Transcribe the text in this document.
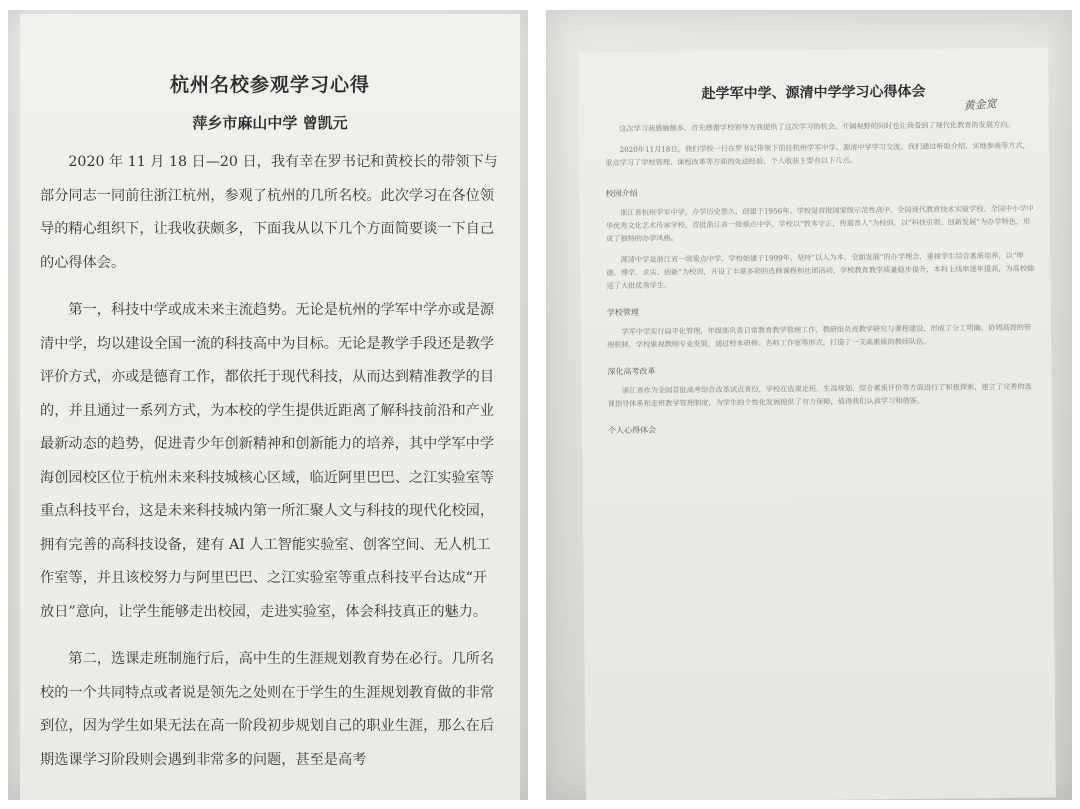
杭州名校参观学习心得
萍乡市麻山中学 曾凯元

2020 年 11 月 18 日—20 日，我有幸在罗书记和黄校长的带领下与部分同志一同前往浙江杭州，参观了杭州的几所名校。此次学习在各位领导的精心组织下，让我收获颇多，下面我从以下几个方面简要谈一下自己的心得体会。

第一，科技中学或成未来主流趋势。无论是杭州的学军中学亦或是源清中学，均以建设全国一流的科技高中为目标。无论是教学手段还是教学评价方式，亦或是德育工作，都依托于现代科技，从而达到精准教学的目的，并且通过一系列方式，为本校的学生提供近距离了解科技前沿和产业最新动态的趋势，促进青少年创新精神和创新能力的培养，其中学军中学海创园校区位于杭州未来科技城核心区域，临近阿里巴巴、之江实验室等重点科技平台，这是未来科技城内第一所汇聚人文与科技的现代化校园，拥有完善的高科技设备，建有 AI 人工智能实验室、创客空间、无人机工作室等，并且该校努力与阿里巴巴、之江实验室等重点科技平台达成“开放日”意向，让学生能够走出校园，走进实验室，体会科技真正的魅力。

第二，选课走班制施行后，高中生的生涯规划教育势在必行。几所名校的一个共同特点或者说是领先之处则在于学生的生涯规划教育做的非常到位，因为学生如果无法在高一阶段初步规划自己的职业生涯，那么在后期选课学习阶段则会遇到非常多的问题，甚至是高考

赴学军中学、源清中学学习心得体会
黄金宽

这次学习我感触颇多。首先感谢学校领导为我提供了这次学习的机会，开阔视野的同时也让我看到了现代化教育的发展方向。

2020年11月18日，我们学校一行在罗书记带领下前往杭州学军中学、源清中学学习交流。我们通过听取介绍、实地参观等方式，重点学习了学校管理、课程改革等方面的先进经验，个人收获主要有以下几点。

校园介绍

浙江省杭州学军中学，办学历史悠久，创建于1956年。学校是首批国家级示范性高中、全国现代教育技术实验学校、全国中小学中华优秀文化艺术传承学校、首批浙江省一级重点中学，学校以“敦本守正，传道育人”为校训，以“科技引领、创新发展”为办学特色，形成了独特的办学风格。

源清中学是浙江省一级重点中学，学校始建于1999年，坚持“以人为本、全面发展”的办学理念，重视学生综合素质培养，以“厚德、博学、求实、创新”为校训，开设了丰富多彩的选修课程和社团活动，学校教育教学质量稳步提升，本科上线率逐年提高，为高校输送了大批优秀学生。

学校管理

学军中学实行扁平化管理，年级部负责日常教育教学管理工作，教研组负责教学研究与课程建设，形成了分工明确、协调高效的管理机制。学校重视教师专业发展，通过校本研修、名师工作室等形式，打造了一支高素质的教师队伍。

深化高考改革

浙江省作为全国首批高考综合改革试点省份，学校在选课走班、生涯规划、综合素质评价等方面进行了积极探索，建立了完善的选课指导体系和走班教学管理制度，为学生的个性化发展提供了有力保障，值得我们认真学习和借鉴。

个人心得体会
